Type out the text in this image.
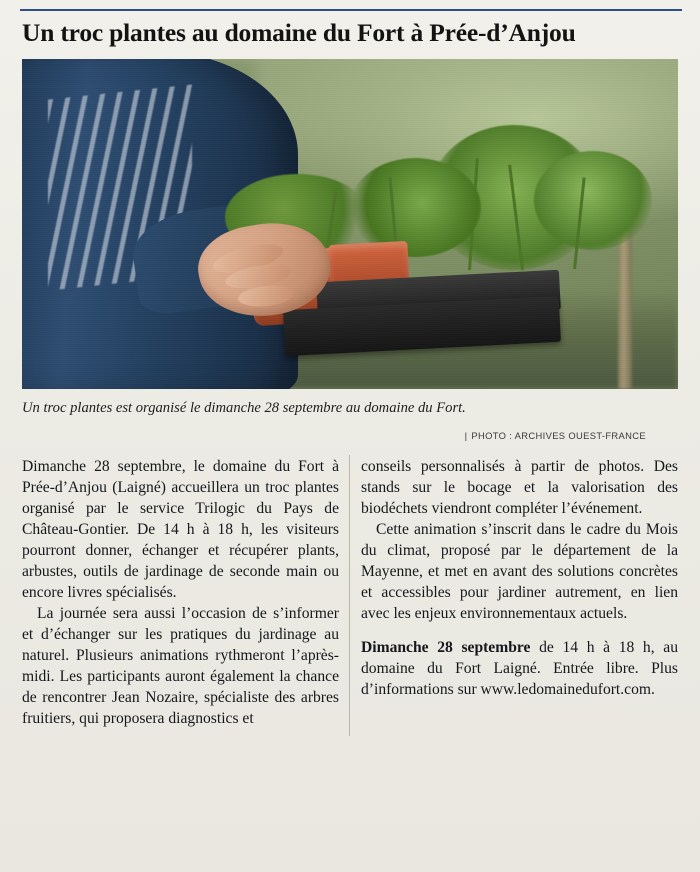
Un troc plantes au domaine du Fort à Prée-d’Anjou
Un troc plantes est organisé le dimanche 28 septembre au domaine du Fort.
| PHOTO : ARCHIVES OUEST-FRANCE

Dimanche 28 septembre, le domaine du Fort à Prée-d’Anjou (Laigné) accueillera un troc plantes organisé par le service Trilogic du Pays de Château-Gontier. De 14 h à 18 h, les visiteurs pourront donner, échanger et récupérer plants, arbustes, outils de jardinage de seconde main ou encore livres spécialisés.

La journée sera aussi l’occasion de s’informer et d’échanger sur les pratiques du jardinage au naturel. Plusieurs animations rythmeront l’après-midi. Les participants auront également la chance de rencontrer Jean Nozaire, spécialiste des arbres fruitiers, qui proposera diagnostics et

conseils personnalisés à partir de photos. Des stands sur le bocage et la valorisation des biodéchets viendront compléter l’événement.

Cette animation s’inscrit dans le cadre du Mois du climat, proposé par le département de la Mayenne, et met en avant des solutions concrètes et accessibles pour jardiner autrement, en lien avec les enjeux environnementaux actuels.

Dimanche 28 septembre de 14 h à 18 h, au domaine du Fort Laigné. Entrée libre. Plus d’informations sur www.ledomainedufort.com.
